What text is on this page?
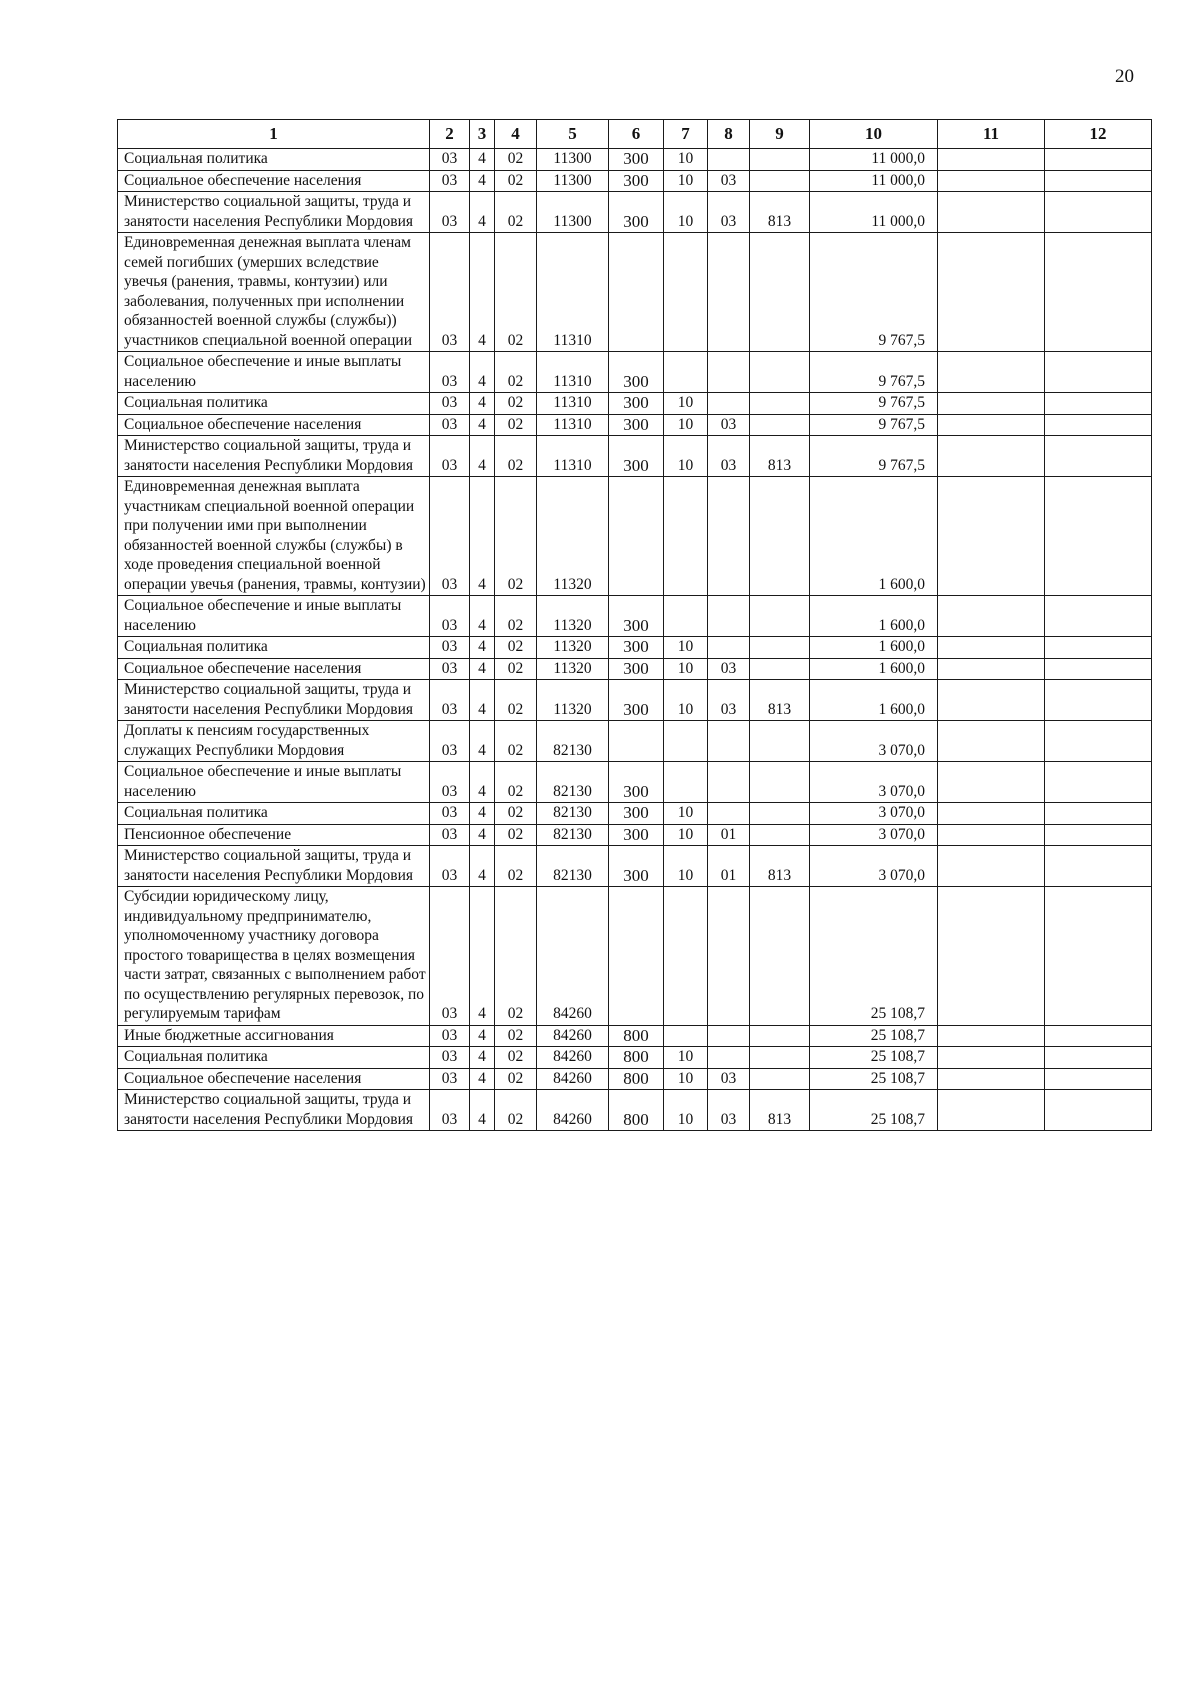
20
1	2	3	4	5	6	7	8	9	10	11	12
Социальная политика	03	4	02	11300	300	10			11 000,0		
Социальное обеспечение населения	03	4	02	11300	300	10	03		11 000,0		
Министерство социальной защиты, труда и занятости населения Республики Мордовия	03	4	02	11300	300	10	03	813	11 000,0		
Единовременная денежная выплата членам семей погибших (умерших вследствие увечья (ранения, травмы, контузии) или заболевания, полученных при исполнении обязанностей военной службы (службы)) участников специальной военной операции	03	4	02	11310					9 767,5		
Социальное обеспечение и иные выплаты населению	03	4	02	11310	300				9 767,5		
Социальная политика	03	4	02	11310	300	10			9 767,5		
Социальное обеспечение населения	03	4	02	11310	300	10	03		9 767,5		
Министерство социальной защиты, труда и занятости населения Республики Мордовия	03	4	02	11310	300	10	03	813	9 767,5		
Единовременная денежная выплата участникам специальной военной операции при получении ими при выполнении обязанностей военной службы (службы) в ходе проведения специальной военной операции увечья (ранения, травмы, контузии)	03	4	02	11320					1 600,0		
Социальное обеспечение и иные выплаты населению	03	4	02	11320	300				1 600,0		
Социальная политика	03	4	02	11320	300	10			1 600,0		
Социальное обеспечение населения	03	4	02	11320	300	10	03		1 600,0		
Министерство социальной защиты, труда и занятости населения Республики Мордовия	03	4	02	11320	300	10	03	813	1 600,0		
Доплаты к пенсиям государственных служащих Республики Мордовия	03	4	02	82130					3 070,0		
Социальное обеспечение и иные выплаты населению	03	4	02	82130	300				3 070,0		
Социальная политика	03	4	02	82130	300	10			3 070,0		
Пенсионное обеспечение	03	4	02	82130	300	10	01		3 070,0		
Министерство социальной защиты, труда и занятости населения Республики Мордовия	03	4	02	82130	300	10	01	813	3 070,0		
Субсидии юридическому лицу, индивидуальному предпринимателю, уполномоченному участнику договора простого товарищества в целях возмещения части затрат, связанных с выполнением работ по осуществлению регулярных перевозок, по регулируемым тарифам	03	4	02	84260					25 108,7		
Иные бюджетные ассигнования	03	4	02	84260	800				25 108,7		
Социальная политика	03	4	02	84260	800	10			25 108,7		
Социальное обеспечение населения	03	4	02	84260	800	10	03		25 108,7		
Министерство социальной защиты, труда и занятости населения Республики Мордовия	03	4	02	84260	800	10	03	813	25 108,7		
